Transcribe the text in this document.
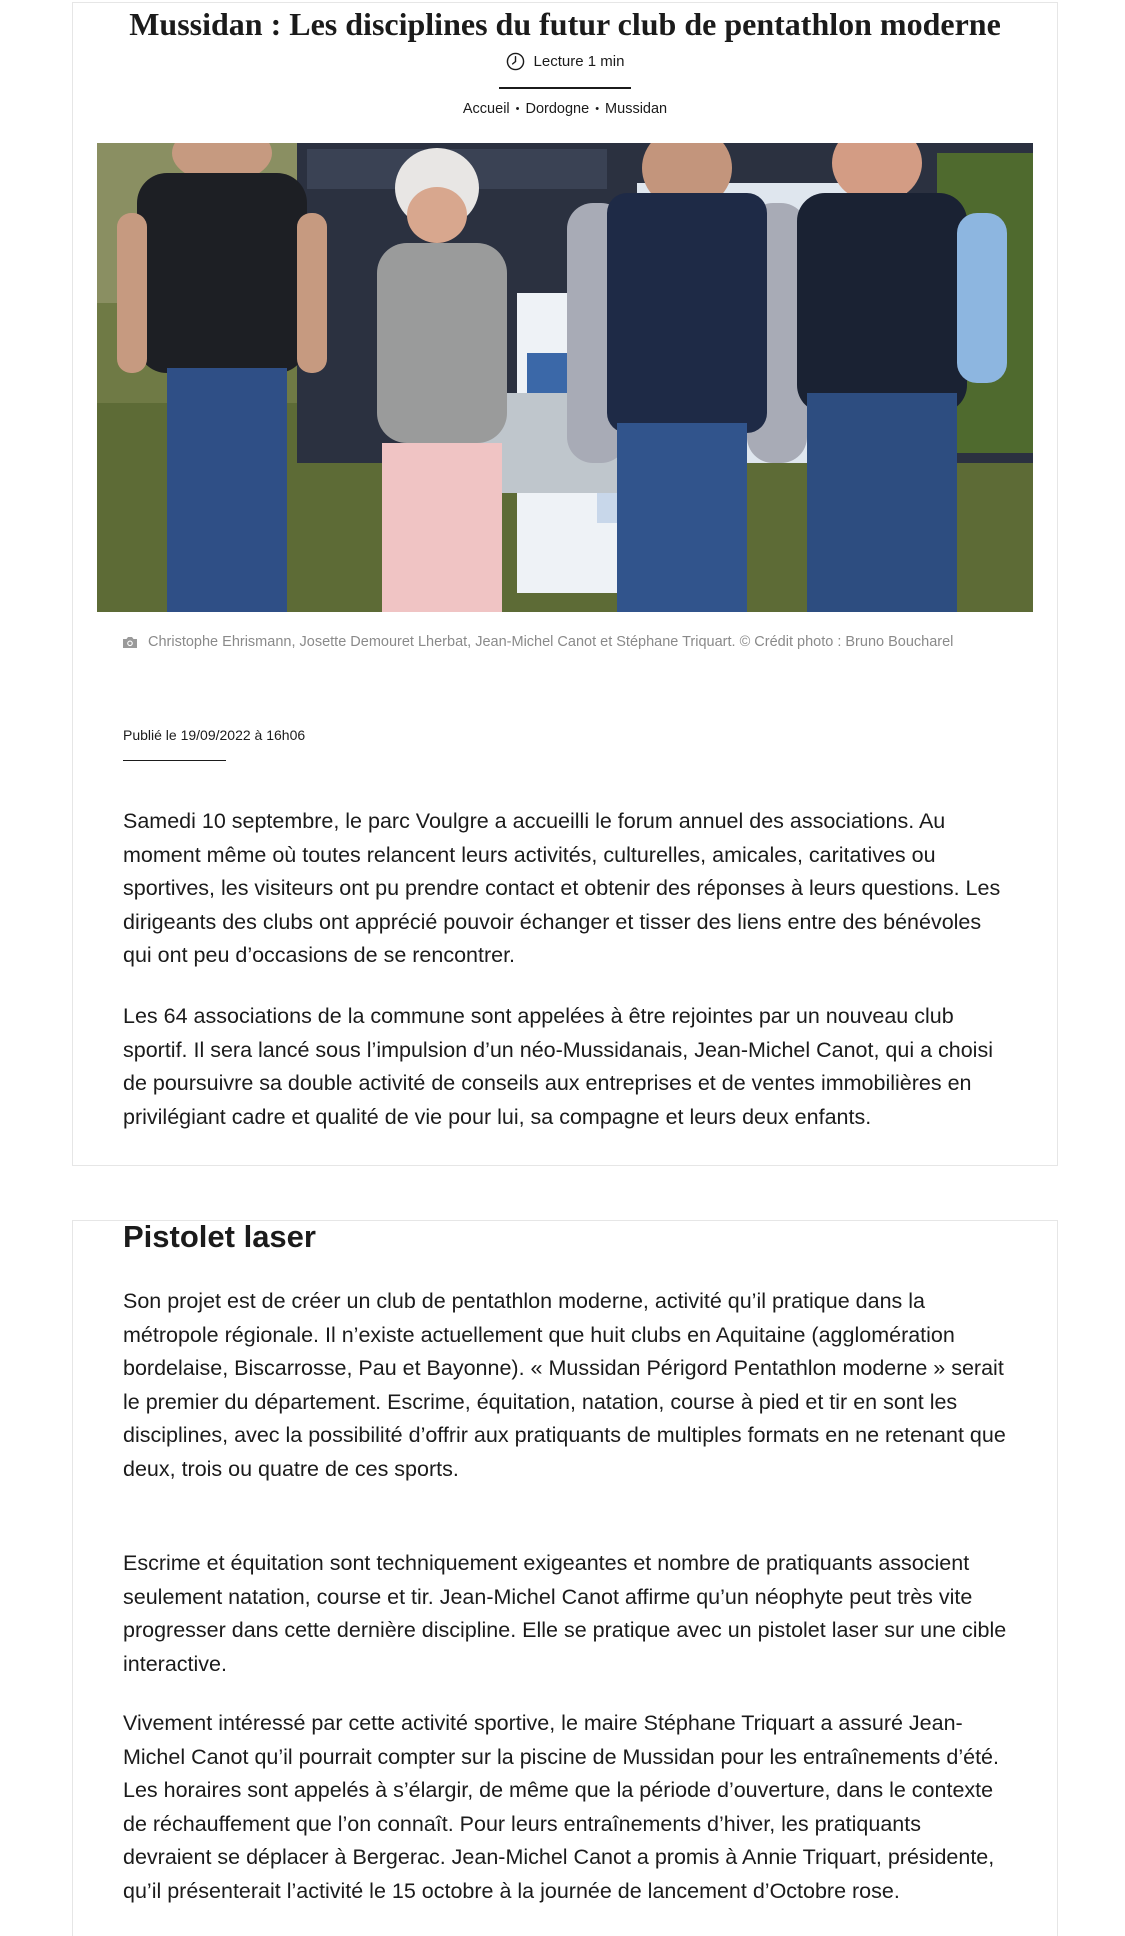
Mussidan : Les disciplines du futur club de pentathlon moderne
Lecture 1 min
Accueil • Dordogne • Mussidan
Christophe Ehrismann, Josette Demouret Lherbat, Jean-Michel Canot et Stéphane Triquart. © Crédit photo : Bruno Boucharel
Publié le 19/09/2022 à 16h06

Samedi 10 septembre, le parc Voulgre a accueilli le forum annuel des associations. Au moment même où toutes relancent leurs activités, culturelles, amicales, caritatives ou sportives, les visiteurs ont pu prendre contact et obtenir des réponses à leurs questions. Les dirigeants des clubs ont apprécié pouvoir échanger et tisser des liens entre des bénévoles qui ont peu d’occasions de se rencontrer.

Les 64 associations de la commune sont appelées à être rejointes par un nouveau club sportif. Il sera lancé sous l’impulsion d’un néo-Mussidanais, Jean-Michel Canot, qui a choisi de poursuivre sa double activité de conseils aux entreprises et de ventes immobilières en privilégiant cadre et qualité de vie pour lui, sa compagne et leurs deux enfants.

Pistolet laser

Son projet est de créer un club de pentathlon moderne, activité qu’il pratique dans la métropole régionale. Il n’existe actuellement que huit clubs en Aquitaine (agglomération bordelaise, Biscarrosse, Pau et Bayonne). « Mussidan Périgord Pentathlon moderne » serait le premier du département. Escrime, équitation, natation, course à pied et tir en sont les disciplines, avec la possibilité d’offrir aux pratiquants de multiples formats en ne retenant que deux, trois ou quatre de ces sports.

Escrime et équitation sont techniquement exigeantes et nombre de pratiquants associent seulement natation, course et tir. Jean-Michel Canot affirme qu’un néophyte peut très vite progresser dans cette dernière discipline. Elle se pratique avec un pistolet laser sur une cible interactive.

Vivement intéressé par cette activité sportive, le maire Stéphane Triquart a assuré Jean-Michel Canot qu’il pourrait compter sur la piscine de Mussidan pour les entraînements d’été. Les horaires sont appelés à s’élargir, de même que la période d’ouverture, dans le contexte de réchauffement que l’on connaît. Pour leurs entraînements d’hiver, les pratiquants devraient se déplacer à Bergerac. Jean-Michel Canot a promis à Annie Triquart, présidente, qu’il présenterait l’activité le 15 octobre à la journée de lancement d’Octobre rose.
